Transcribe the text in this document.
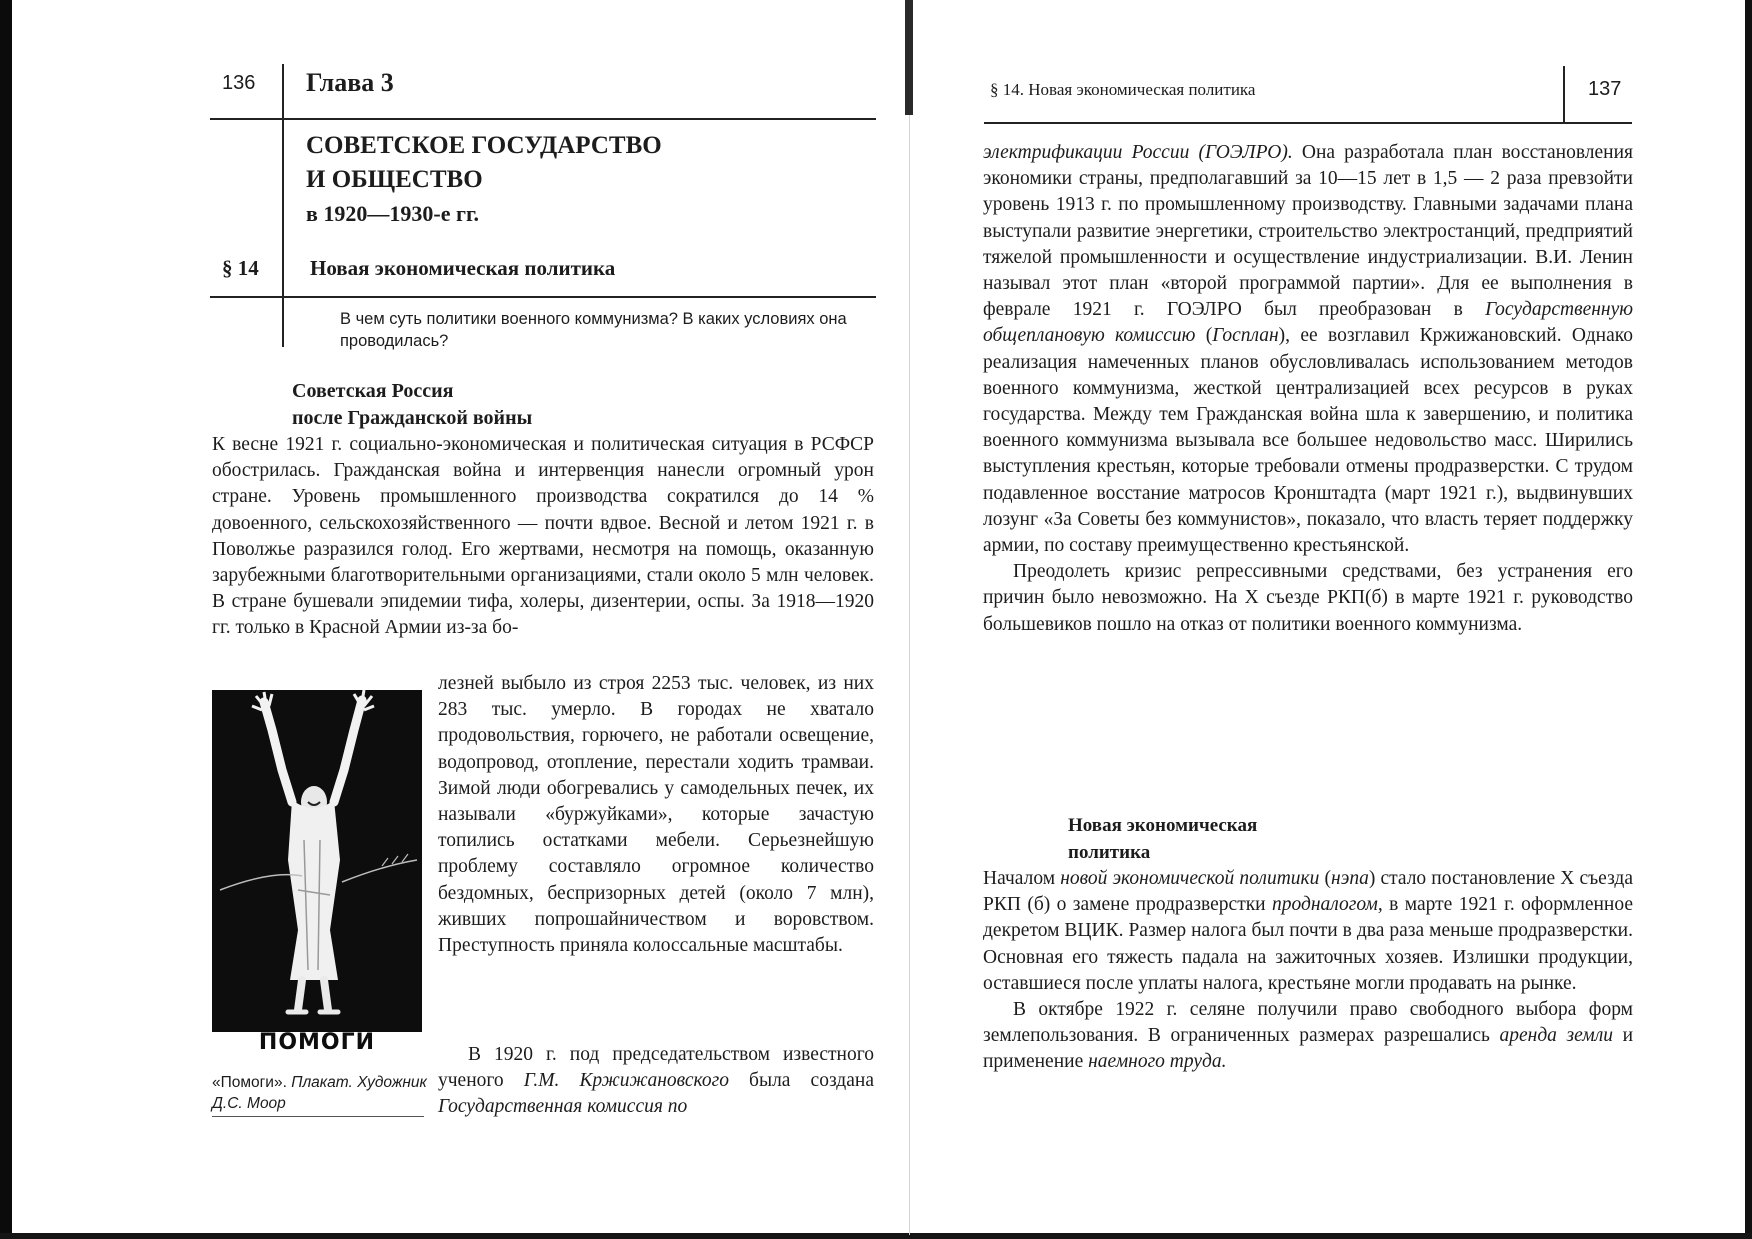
136 Глава 3
СОВЕТСКОЕ ГОСУДАРСТВО
И ОБЩЕСТВО
в 1920—1930-е гг.
§ 14 Новая экономическая политика
В чем суть политики военного коммунизма? В каких условиях она проводилась?
Советская Россия
после Гражданской войны
К весне 1921 г. социально-экономическая и политическая ситуация в РСФСР обострилась. Гражданская война и интервенция нанесли огромный урон стране. Уровень промышленного производства сократился до 14 % довоенного, сельскохозяйственного — почти вдвое. Весной и летом 1921 г. в Поволжье разразился голод. Его жертвами, несмотря на помощь, оказанную зарубежными благотворительными организациями, стали около 5 млн человек. В стране бушевали эпидемии тифа, холеры, дизентерии, оспы. За 1918—1920 гг. только в Красной Армии из-за бо-
лезней выбыло из строя 2253 тыс. человек, из них 283 тыс. умерло. В городах не хватало продовольствия, горючего, не работали освещение, водопровод, отопление, перестали ходить трамваи. Зимой люди обогревались у самодельных печек, их называли «буржуйками», которые зачастую топились остатками мебели. Серьезнейшую проблему составляло огромное количество бездомных, беспризорных детей (около 7 млн), живших попрошайничеством и воровством. Преступность приняла колоссальные масштабы.
В 1920 г. под председательством известного ученого Г.М. Кржижановского была создана Государственная комиссия по
ПОМОГИ
«Помоги». Плакат. Художник Д.С. Моор
§ 14. Новая экономическая политика	137
электрификации России (ГОЭЛРО). Она разработала план восстановления экономики страны, предполагавший за 10—15 лет в 1,5 — 2 раза превзойти уровень 1913 г. по промышленному производству. Главными задачами плана выступали развитие энергетики, строительство электростанций, предприятий тяжелой промышленности и осуществление индустриализации. В.И. Ленин называл этот план «второй программой партии». Для ее выполнения в феврале 1921 г. ГОЭЛРО был преобразован в Государственную общеплановую комиссию (Госплан), ее возглавил Кржижановский. Однако реализация намеченных планов обусловливалась использованием методов военного коммунизма, жесткой централизацией всех ресурсов в руках государства. Между тем Гражданская война шла к завершению, и политика военного коммунизма вызывала все большее недовольство масс. Ширились выступления крестьян, которые требовали отмены продразверстки. С трудом подавленное восстание матросов Кронштадта (март 1921 г.), выдвинувших лозунг «За Советы без коммунистов», показало, что власть теряет поддержку армии, по составу преимущественно крестьянской.
Преодолеть кризис репрессивными средствами, без устранения его причин было невозможно. На X съезде РКП(б) в марте 1921 г. руководство большевиков пошло на отказ от политики военного коммунизма.
Новая экономическая
политика
Началом новой экономической политики (нэпа) стало постановление X съезда РКП (б) о замене продразверстки продналогом, в марте 1921 г. оформленное декретом ВЦИК. Размер налога был почти в два раза меньше продразверстки. Основная его тяжесть падала на зажиточных хозяев. Излишки продукции, оставшиеся после уплаты налога, крестьяне могли продавать на рынке.
В октябре 1922 г. селяне получили право свободного выбора форм землепользования. В ограниченных размерах разрешались аренда земли и применение наемного труда.
